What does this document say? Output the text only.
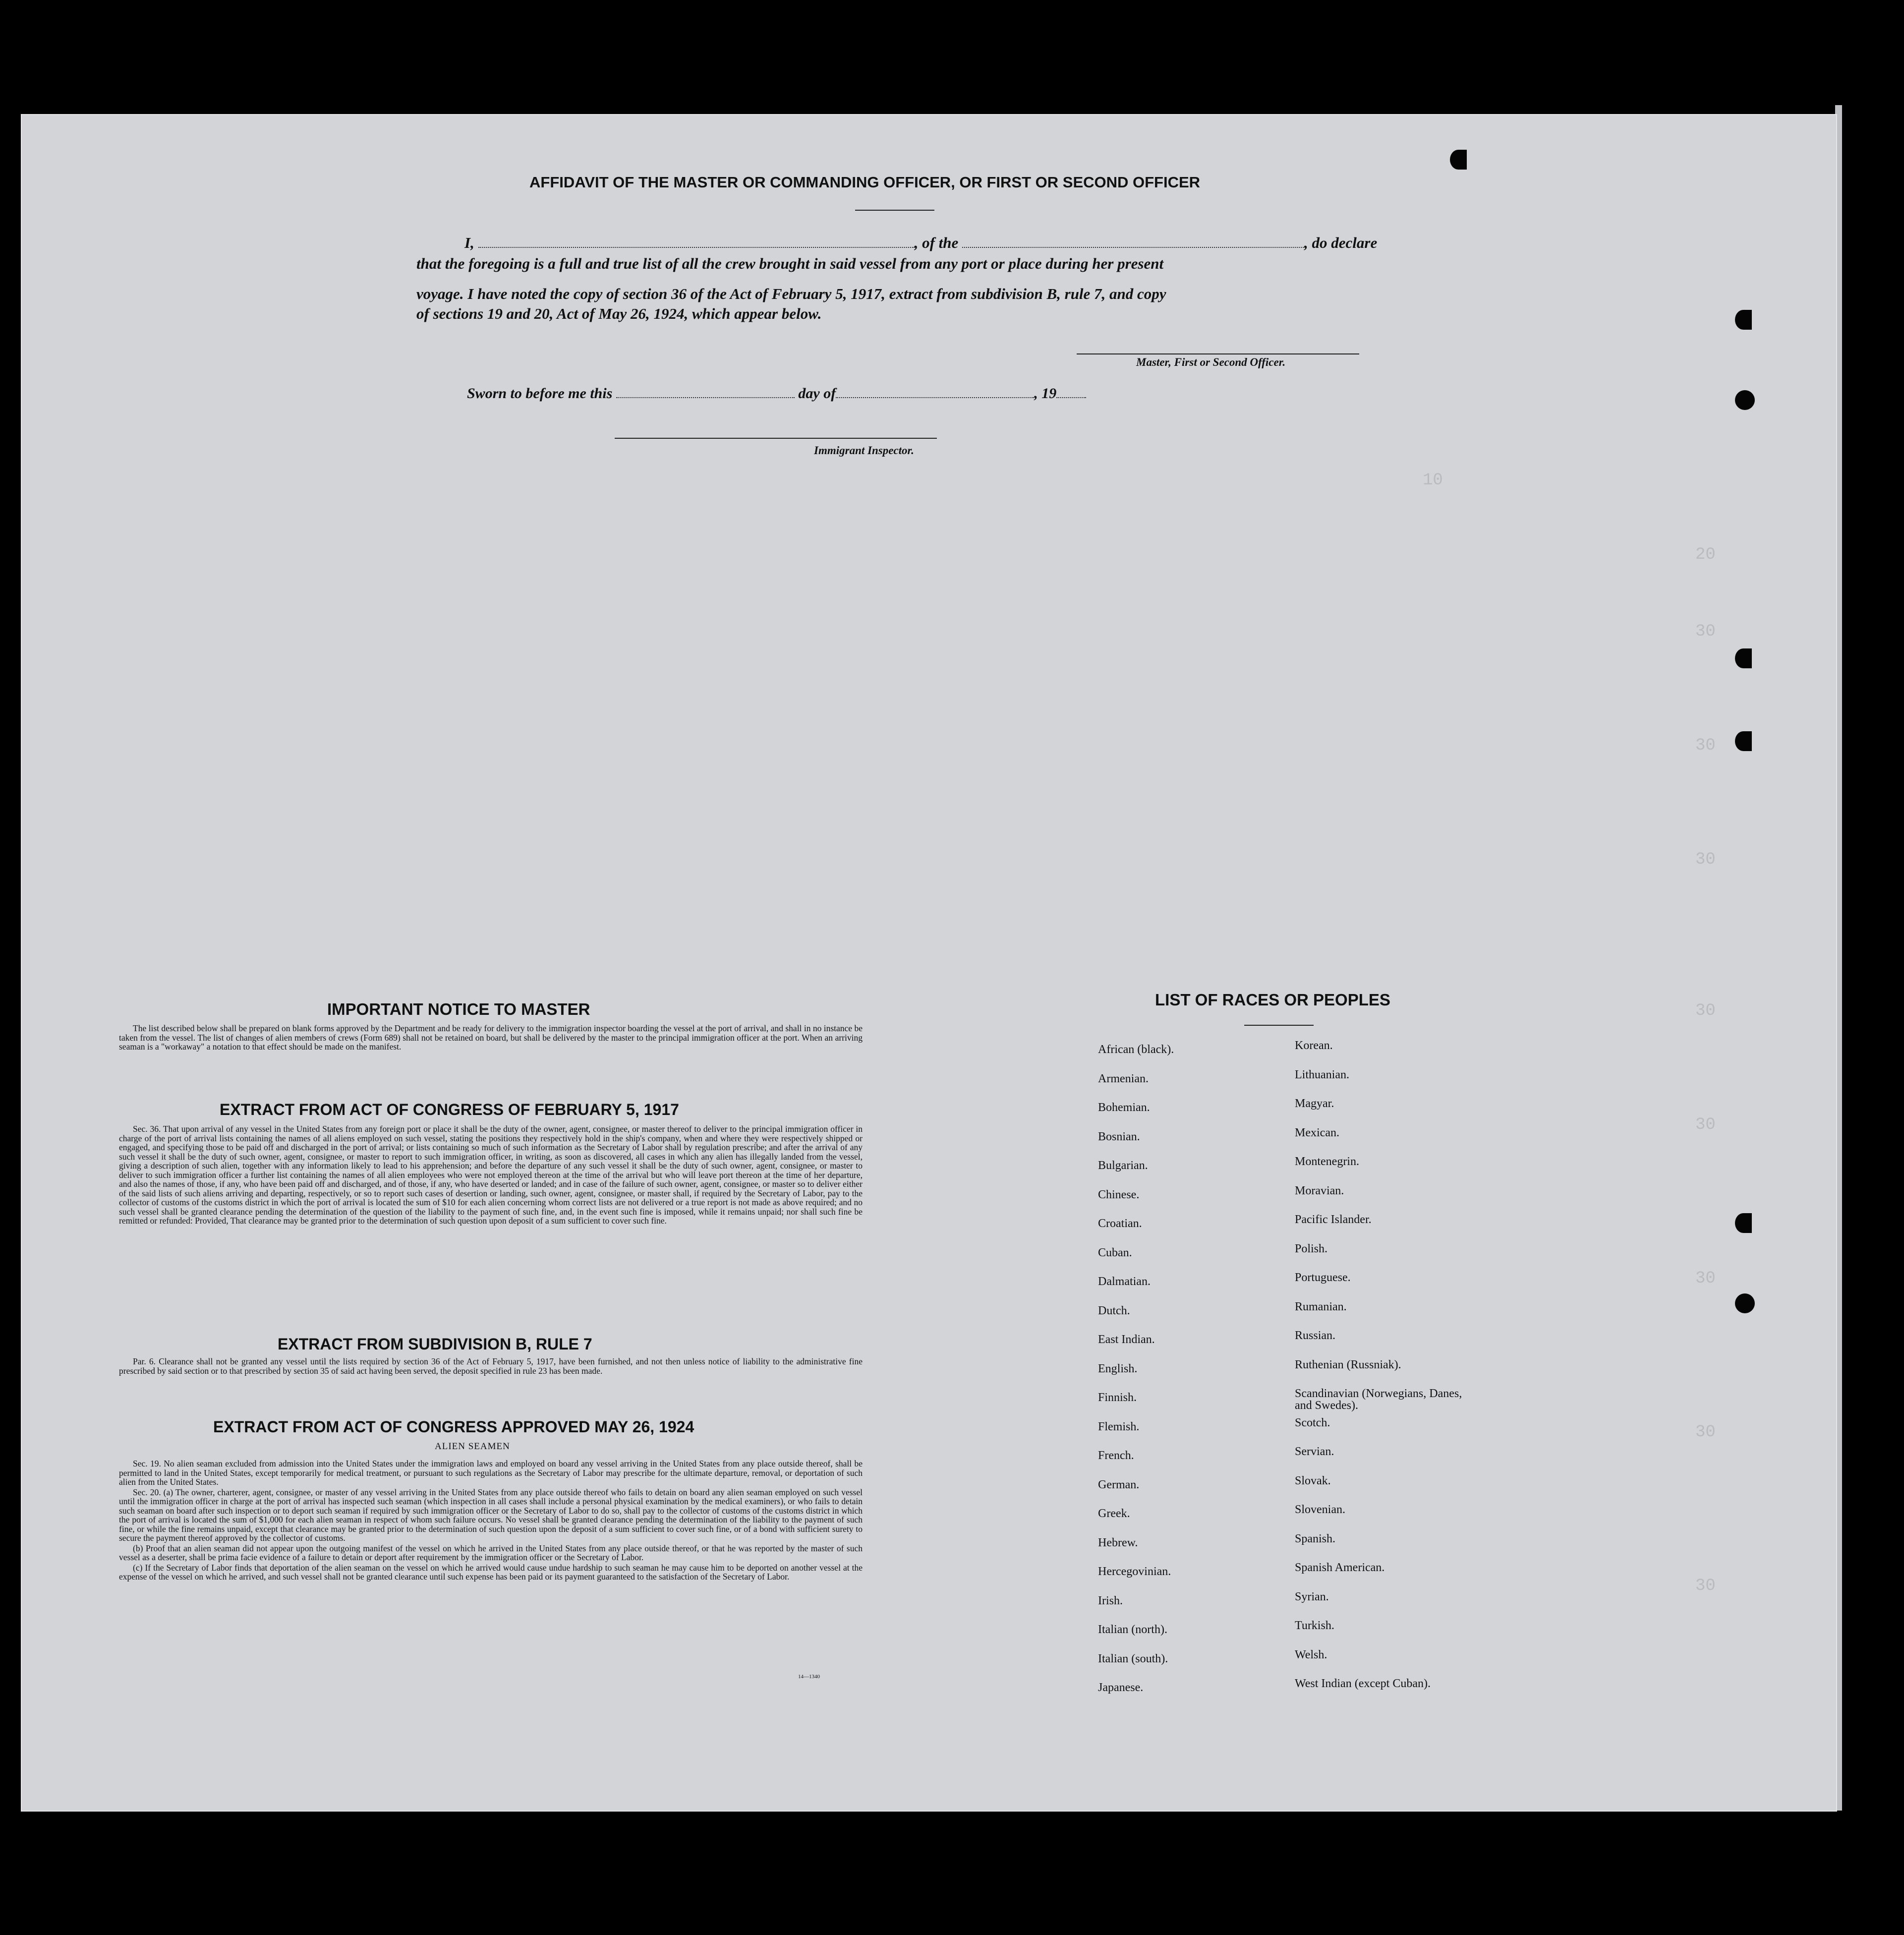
10
20
30
30
30
30
30
30
30
30
AFFIDAVIT OF THE MASTER OR COMMANDING OFFICER, OR FIRST OR SECOND OFFICER
I,	, of the	, do declare
that the foregoing is a full and true list of all the crew brought in said vessel from any port or place during her present
voyage. I have noted the copy of section 36 of the Act of February 5, 1917, extract from subdivision B, rule 7, and copy
of sections 19 and 20, Act of May 26, 1924, which appear below.
Master, First or Second Officer.
Sworn to before me this	day of	, 19
Immigrant Inspector.
IMPORTANT NOTICE TO MASTER

The list described below shall be prepared on blank forms approved by the Department and be ready for delivery to the immigration inspector boarding the vessel at the port of arrival, and shall in no instance be taken from the vessel. The list of changes of alien members of crews (Form 689) shall not be retained on board, but shall be delivered by the master to the principal immigration officer at the port. When an arriving seaman is a "workaway" a notation to that effect should be made on the manifest.

EXTRACT FROM ACT OF CONGRESS OF FEBRUARY 5, 1917

Sec. 36. That upon arrival of any vessel in the United States from any foreign port or place it shall be the duty of the owner, agent, consignee, or master thereof to deliver to the principal immigration officer in charge of the port of arrival lists containing the names of all aliens employed on such vessel, stating the positions they respectively hold in the ship's company, when and where they were respectively shipped or engaged, and specifying those to be paid off and discharged in the port of arrival; or lists containing so much of such information as the Secretary of Labor shall by regulation prescribe; and after the arrival of any such vessel it shall be the duty of such owner, agent, consignee, or master to report to such immigration officer, in writing, as soon as discovered, all cases in which any alien has illegally landed from the vessel, giving a description of such alien, together with any information likely to lead to his apprehension; and before the departure of any such vessel it shall be the duty of such owner, agent, consignee, or master to deliver to such immigration officer a further list containing the names of all alien employees who were not employed thereon at the time of the arrival but who will leave port thereon at the time of her departure, and also the names of those, if any, who have been paid off and discharged, and of those, if any, who have deserted or landed; and in case of the failure of such owner, agent, consignee, or master so to deliver either of the said lists of such aliens arriving and departing, respectively, or so to report such cases of desertion or landing, such owner, agent, consignee, or master shall, if required by the Secretary of Labor, pay to the collector of customs of the customs district in which the port of arrival is located the sum of $10 for each alien concerning whom correct lists are not delivered or a true report is not made as above required; and no such vessel shall be granted clearance pending the determination of the question of the liability to the payment of such fine, and, in the event such fine is imposed, while it remains unpaid; nor shall such fine be remitted or refunded: Provided, That clearance may be granted prior to the determination of such question upon deposit of a sum sufficient to cover such fine.

EXTRACT FROM SUBDIVISION B, RULE 7

Par. 6. Clearance shall not be granted any vessel until the lists required by section 36 of the Act of February 5, 1917, have been furnished, and not then unless notice of liability to the administrative fine prescribed by said section or to that prescribed by section 35 of said act having been served, the deposit specified in rule 23 has been made.

EXTRACT FROM ACT OF CONGRESS APPROVED MAY 26, 1924
ALIEN SEAMEN

Sec. 19. No alien seaman excluded from admission into the United States under the immigration laws and employed on board any vessel arriving in the United States from any place outside thereof, shall be permitted to land in the United States, except temporarily for medical treatment, or pursuant to such regulations as the Secretary of Labor may prescribe for the ultimate departure, removal, or deportation of such alien from the United States.

Sec. 20. (a) The owner, charterer, agent, consignee, or master of any vessel arriving in the United States from any place outside thereof who fails to detain on board any alien seaman employed on such vessel until the immigration officer in charge at the port of arrival has inspected such seaman (which inspection in all cases shall include a personal physical examination by the medical examiners), or who fails to detain such seaman on board after such inspection or to deport such seaman if required by such immigration officer or the Secretary of Labor to do so, shall pay to the collector of customs of the customs district in which the port of arrival is located the sum of $1,000 for each alien seaman in respect of whom such failure occurs. No vessel shall be granted clearance pending the determination of the liability to the payment of such fine, or while the fine remains unpaid, except that clearance may be granted prior to the determination of such question upon the deposit of a sum sufficient to cover such fine, or of a bond with sufficient surety to secure the payment thereof approved by the collector of customs.

(b) Proof that an alien seaman did not appear upon the outgoing manifest of the vessel on which he arrived in the United States from any place outside thereof, or that he was reported by the master of such vessel as a deserter, shall be prima facie evidence of a failure to detain or deport after requirement by the immigration officer or the Secretary of Labor.

(c) If the Secretary of Labor finds that deportation of the alien seaman on the vessel on which he arrived would cause undue hardship to such seaman he may cause him to be deported on another vessel at the expense of the vessel on which he arrived, and such vessel shall not be granted clearance until such expense has been paid or its payment guaranteed to the satisfaction of the Secretary of Labor.

14—1340
LIST OF RACES OR PEOPLES
African (black).
Armenian.
Bohemian.
Bosnian.
Bulgarian.
Chinese.
Croatian.
Cuban.
Dalmatian.
Dutch.
East Indian.
English.
Finnish.
Flemish.
French.
German.
Greek.
Hebrew.
Hercegovinian.
Irish.
Italian (north).
Italian (south).
Japanese.
Korean.
Lithuanian.
Magyar.
Mexican.
Montenegrin.
Moravian.
Pacific Islander.
Polish.
Portuguese.
Rumanian.
Russian.
Ruthenian (Russniak).
Scandinavian (Norwegians, Danes, and Swedes).
Scotch.
Servian.
Slovak.
Slovenian.
Spanish.
Spanish American.
Syrian.
Turkish.
Welsh.
West Indian (except Cuban).
